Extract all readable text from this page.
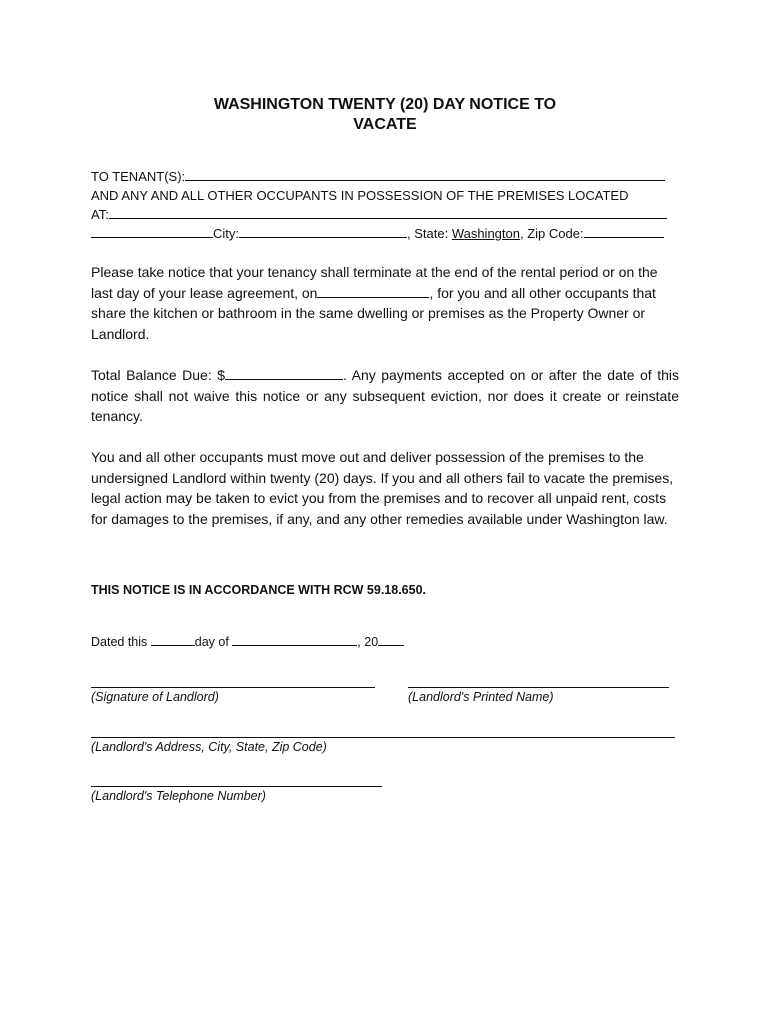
WASHINGTON TWENTY (20) DAY NOTICE TO
VACATE
TO TENANT(S):
AND ANY AND ALL OTHER OCCUPANTS IN POSSESSION OF THE PREMISES LOCATED
AT:
City:	, State: Washington, Zip Code:
Please take notice that your tenancy shall terminate at the end of the rental period or on the last day of your lease agreement, on	, for you and all other occupants that share the kitchen or bathroom in the same dwelling or premises as the Property Owner or Landlord.
Total Balance Due: $	. Any payments accepted on or after the date of this notice shall not waive this notice or any subsequent eviction, nor does it create or reinstate tenancy.
You and all other occupants must move out and deliver possession of the premises to the undersigned Landlord within twenty (20) days. If you and all others fail to vacate the premises, legal action may be taken to evict you from the premises and to recover all unpaid rent, costs for damages to the premises, if any, and any other remedies available under Washington law.
THIS NOTICE IS IN ACCORDANCE WITH RCW 59.18.650.
Dated this	day of	, 20
(Signature of Landlord)	(Landlord's Printed Name)
(Landlord's Address, City, State, Zip Code)
(Landlord's Telephone Number)
